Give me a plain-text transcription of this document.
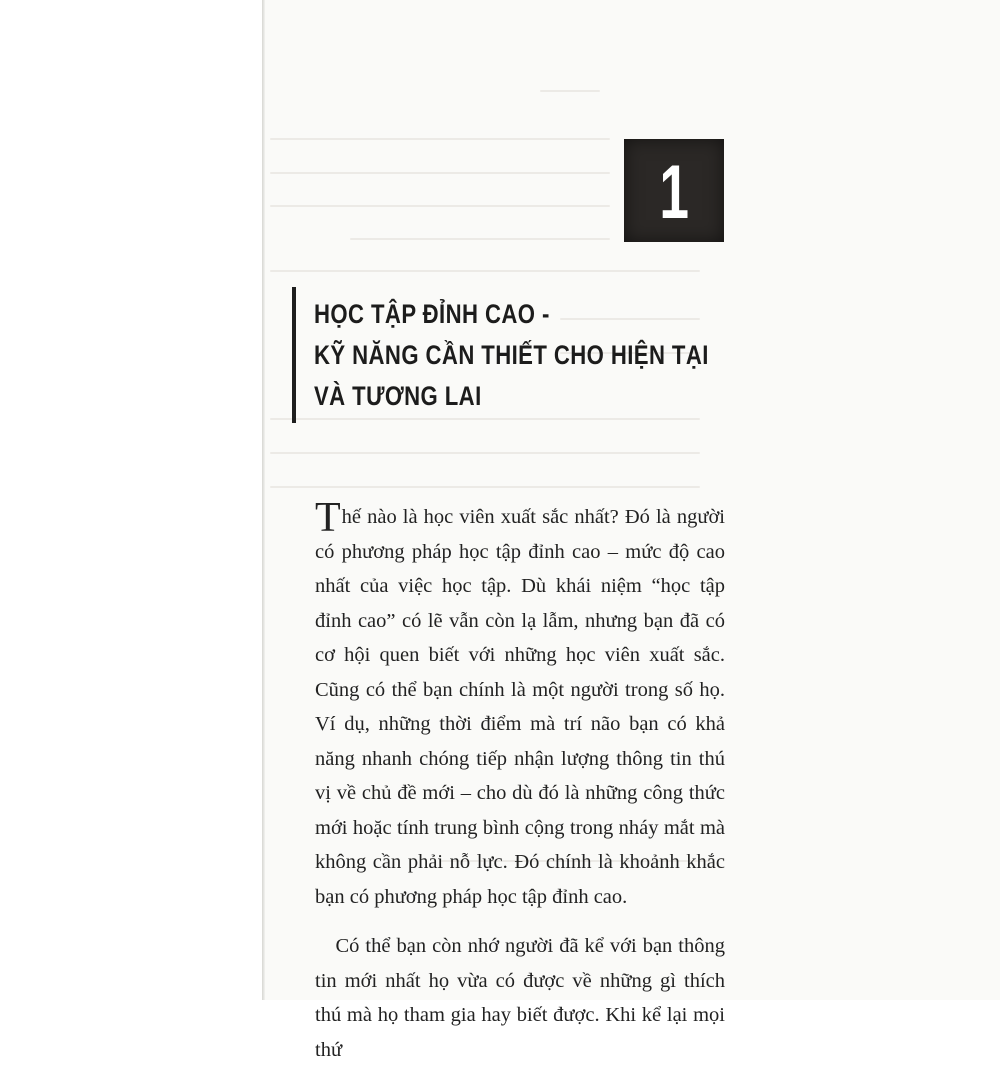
1
HỌC TẬP ĐỈNH CAO -
KỸ NĂNG CẦN THIẾT CHO HIỆN TẠI
VÀ TƯƠNG LAI

Thế nào là học viên xuất sắc nhất? Đó là người có phương pháp học tập đỉnh cao – mức độ cao nhất của việc học tập. Dù khái niệm “học tập đỉnh cao” có lẽ vẫn còn lạ lẫm, nhưng bạn đã có cơ hội quen biết với những học viên xuất sắc. Cũng có thể bạn chính là một người trong số họ. Ví dụ, những thời điểm mà trí não bạn có khả năng nhanh chóng tiếp nhận lượng thông tin thú vị về chủ đề mới – cho dù đó là những công thức mới hoặc tính trung bình cộng trong nháy mắt mà không cần phải nỗ lực. Đó chính là khoảnh khắc bạn có phương pháp học tập đỉnh cao.

 Có thể bạn còn nhớ người đã kể với bạn thông tin mới nhất họ vừa có được về những gì thích thú mà họ tham gia hay biết được. Khi kể lại mọi thứ
